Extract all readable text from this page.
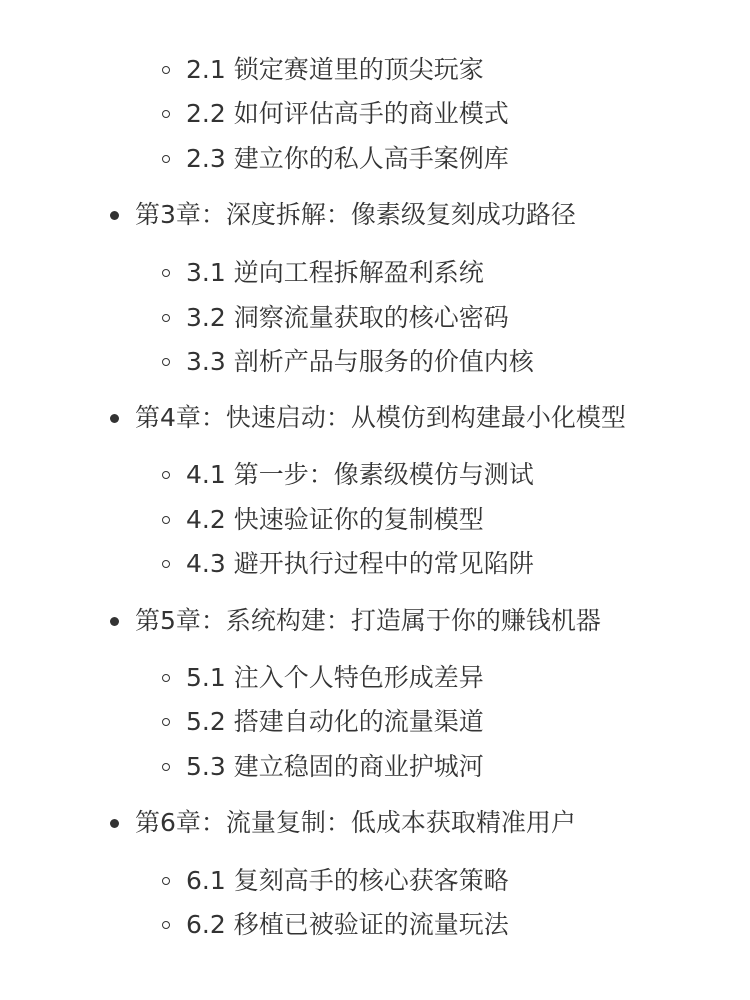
2.1 锁定赛道里的顶尖玩家
2.2 如何评估高手的商业模式
2.3 建立你的私人高手案例库
第3章：深度拆解：像素级复刻成功路径
3.1 逆向工程拆解盈利系统
3.2 洞察流量获取的核心密码
3.3 剖析产品与服务的价值内核
第4章：快速启动：从模仿到构建最小化模型
4.1 第一步：像素级模仿与测试
4.2 快速验证你的复制模型
4.3 避开执行过程中的常见陷阱
第5章：系统构建：打造属于你的赚钱机器
5.1 注入个人特色形成差异
5.2 搭建自动化的流量渠道
5.3 建立稳固的商业护城河
第6章：流量复制：低成本获取精准用户
6.1 复刻高手的核心获客策略
6.2 移植已被验证的流量玩法
